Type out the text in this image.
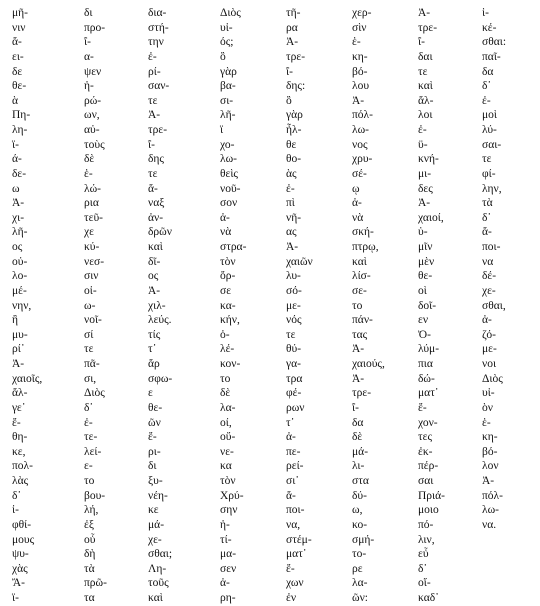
μῆ-
νιν
ἄ-
ει-
δε
θε-
ὰ
Πη-
λη-
ϊ-
ά-
δε-
ω
Ἀ-
χι-
λῆ-
ος
οὐ-
λο-
μέ-
νην,
ἣ
μυ-
ρί᾽
Ἀ-
χαιοῖς,
ἄλ-
γε᾽
ἔ-
θη-
κε,
πολ-
λὰς
δ᾽
ἰ-
φθί-
μους
ψυ-
χὰς
Ἄ-
ϊ-
δι
προ-
ΐ-
α-
ψεν
ἡ-
ρώ-
ων,
αὐ-
τοὺς
δὲ
ἑ-
λώ-
ρια
τεῦ-
χε
κύ-
νεσ-
σιν
οἰ-
ω-
νοῖ-
σί
τε
πᾶ-
σι,
Διὸς
δ᾽
ἐ-
τε-
λεί-
ε-
το
βου-
λή,
ἐξ
οὗ
δὴ
τὰ
πρῶ-
τα
δια-
στή-
την
ἐ-
ρί-
σαν-
τε
Ἀ-
τρε-
ΐ-
δης
τε
ἄ-
ναξ
ἀν-
δρῶν
καὶ
δῖ-
ος
Ἀ-
χιλ-
λεύς.
τίς
τ᾽
ἄρ
σφω-
ε
θε-
ῶν
ἔ-
ρι-
δι
ξυ-
νέη-
κε
μά-
χε-
σθαι;
Λη-
τοῦς
καὶ
Διὸς
υἱ-
ός;
ὃ
γὰρ
βα-
σι-
λῆ-
ϊ
χο-
λω-
θεὶς
νοῦ-
σον
ἀ-
νὰ
στρα-
τὸν
ὄρ-
σε
κα-
κήν,
ὀ-
λέ-
κον-
το
δὲ
λα-
οί,
οὕ-
νε-
κα
τὸν
Χρύ-
σην
ἠ-
τί-
μα-
σεν
ἀ-
ρη-
τῆ-
ρα
Ἀ-
τρε-
ΐ-
δης:
ὃ
γὰρ
ἦλ-
θε
θο-
ὰς
ἐ-
πὶ
νῆ-
ας
Ἀ-
χαιῶν
λυ-
σό-
με-
νός
τε
θύ-
γα-
τρα
φέ-
ρων
τ᾽
ἀ-
πε-
ρεί-
σι᾽
ἄ-
ποι-
να,
στέμ-
ματ᾽
ἔ-
χων
ἐν
χερ-
σὶν
ἑ-
κη-
βό-
λου
Ἀ-
πόλ-
λω-
νος
χρυ-
σέ-
ῳ
ἀ-
νὰ
σκή-
πτρῳ,
καὶ
λίσ-
σε-
το
πάν-
τας
Ἀ-
χαιούς,
Ἀ-
τρε-
ΐ-
δα
δὲ
μά-
λι-
στα
δύ-
ω,
κο-
σμή-
το-
ρε
λα-
ῶν:
Ἀ-
τρε-
ΐ-
δαι
τε
καὶ
ἄλ-
λοι
ἐ-
ϋ-
κνή-
μι-
δες
Ἀ-
χαιοί,
ὑ-
μῖν
μὲν
θε-
οὶ
δοῖ-
εν
Ὀ-
λύμ-
πια
δώ-
ματ᾽
ἔ-
χον-
τες
ἐκ-
πέρ-
σαι
Πριά-
μοιο
πό-
λιν,
εὖ
δ᾽
οἴ-
καδ᾽
ἱ-
κέ-
σθαι:
παῖ-
δα
δ᾽
ἐ-
μοὶ
λύ-
σαι-
τε
φί-
λην,
τὰ
δ᾽
ἄ-
ποι-
να
δέ-
χε-
σθαι,
ἁ-
ζό-
με-
νοι
Διὸς
υἱ-
ὸν
ἑ-
κη-
βό-
λον
Ἀ-
πόλ-
λω-
να.
